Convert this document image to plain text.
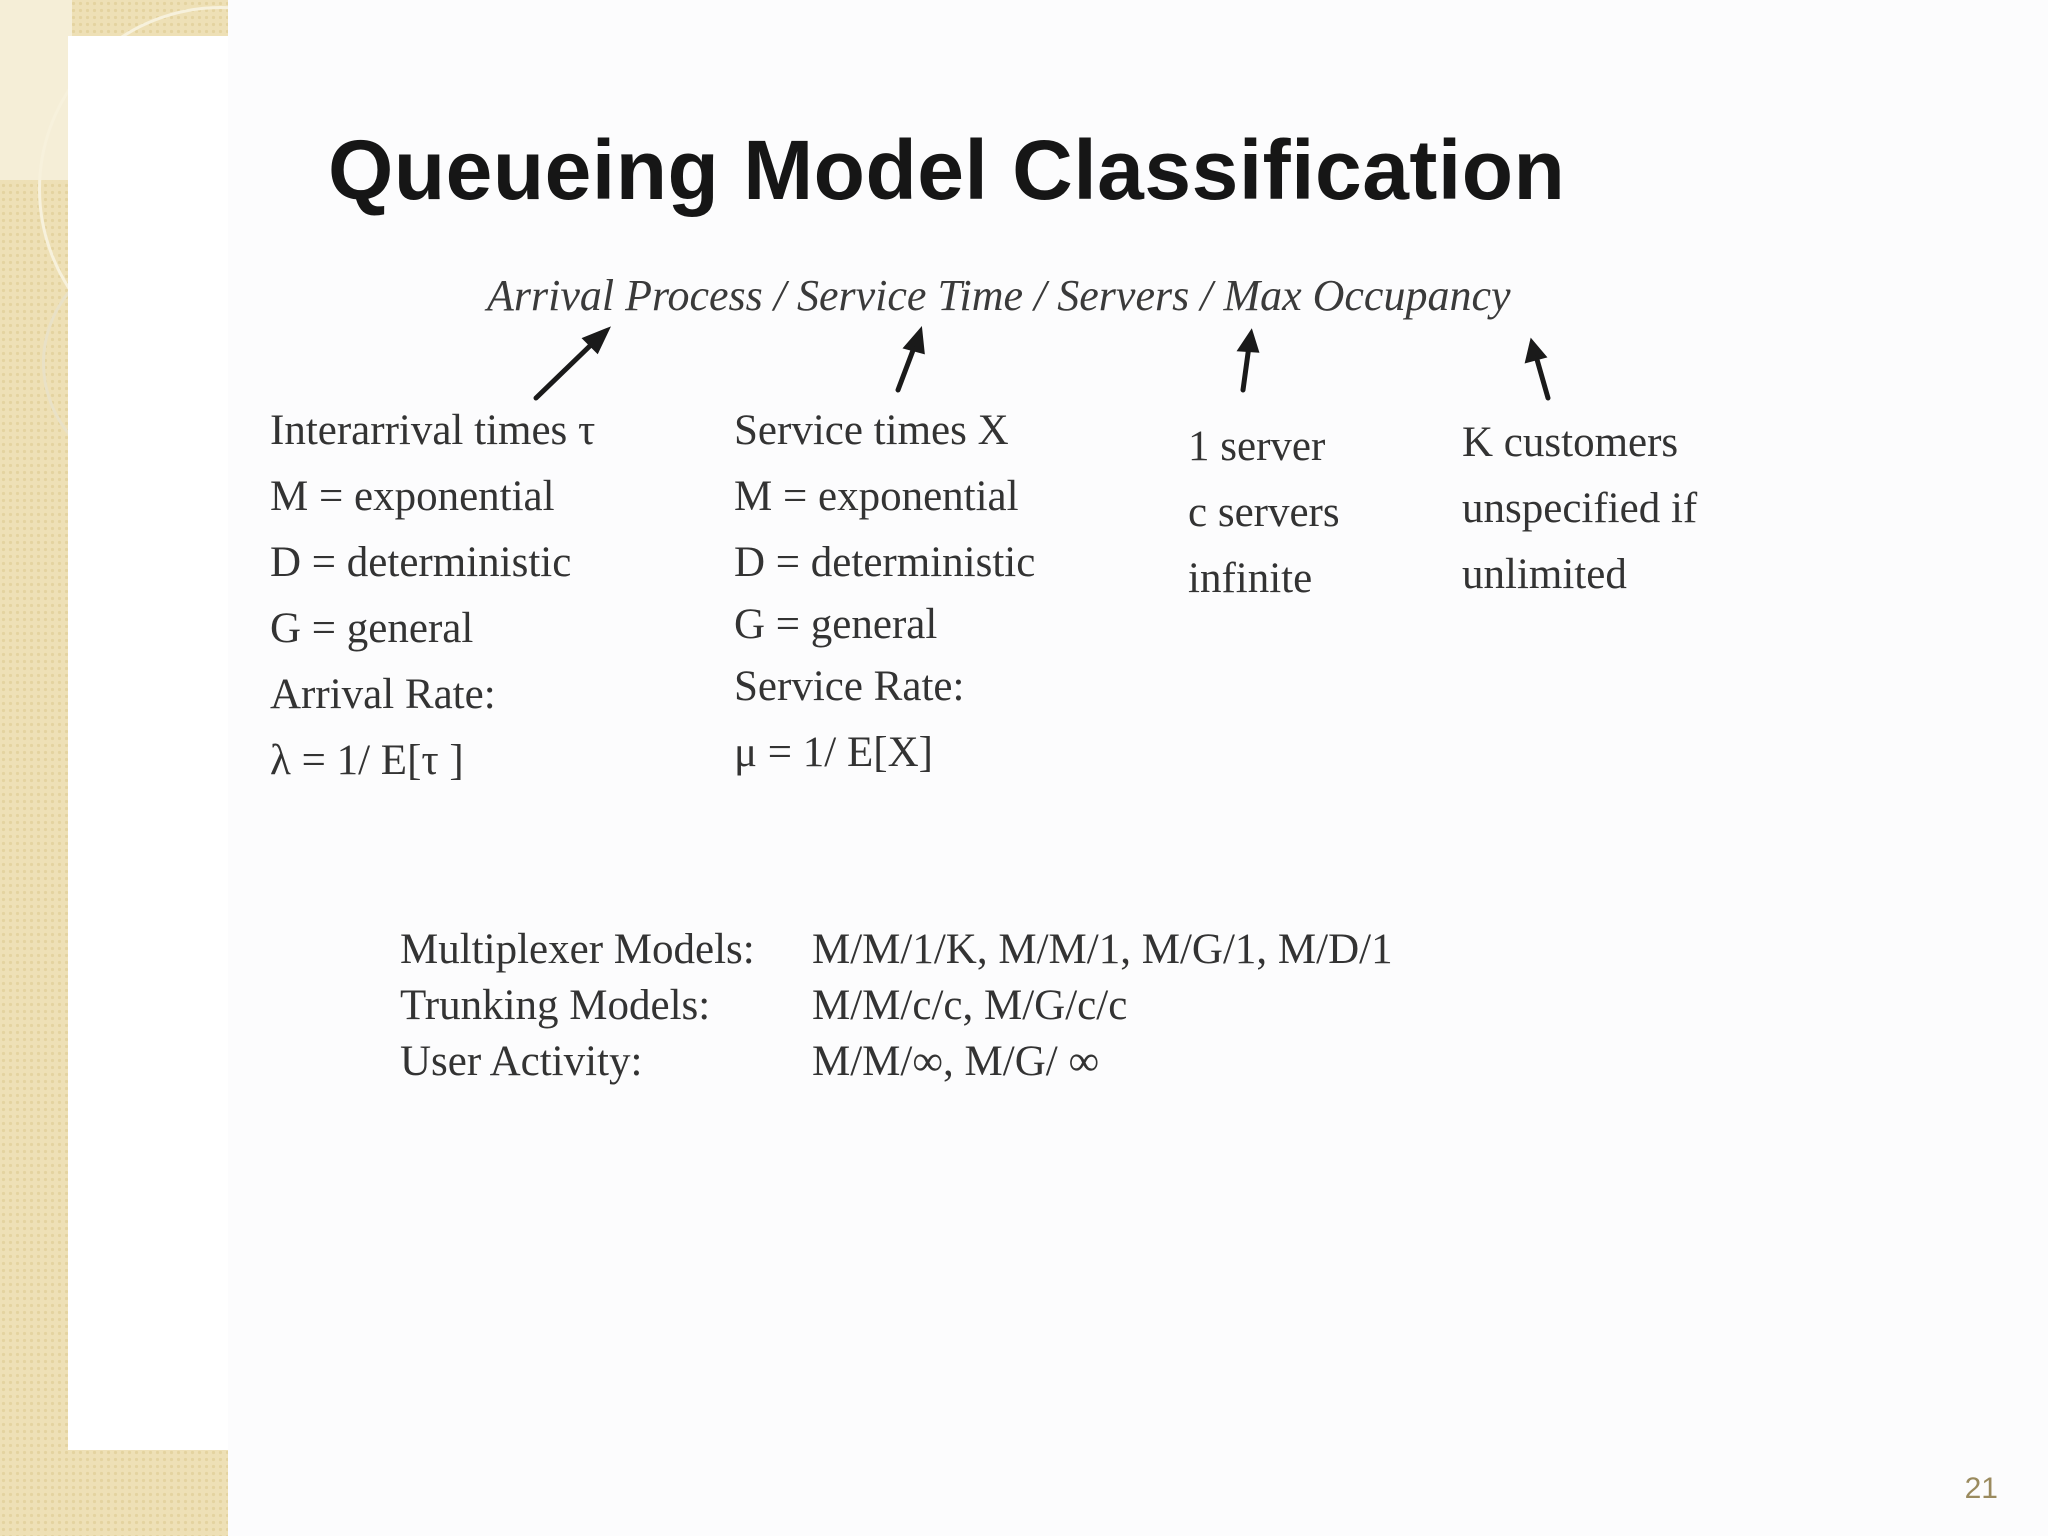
Queueing Model Classification
Arrival Process / Service Time / Servers / Max Occupancy
Interarrival times τ
M = exponential
D = deterministic
G = general
Arrival Rate:
λ = 1/ E[τ ]
Service times X
M = exponential
D = deterministic
G = general
Service Rate:
μ = 1/ E[X]
1 server
c servers
infinite
K customers
unspecified if
unlimited
Multiplexer Models:	M/M/1/K, M/M/1, M/G/1, M/D/1
Trunking Models:	M/M/c/c, M/G/c/c
User Activity:	M/M/∞, M/G/ ∞
21
